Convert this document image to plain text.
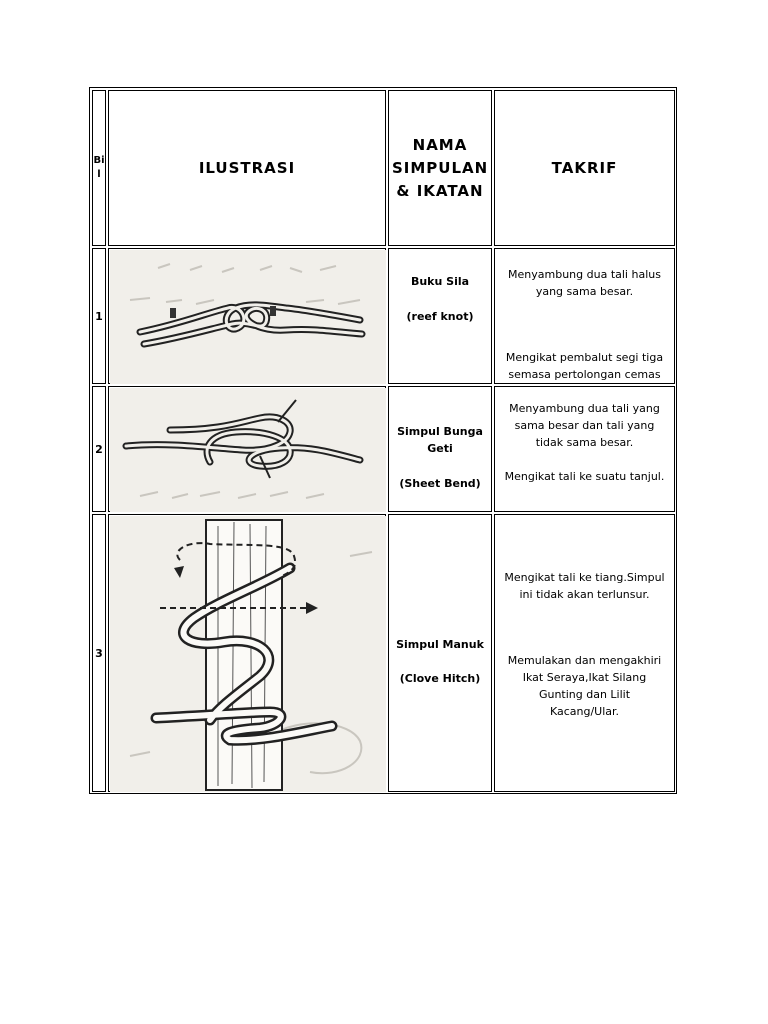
Bi l	ILUSTRASI
NAMA SIMPULAN & IKATAN
TAKRIF
1
Buku Sila
(reef knot)
Menyambung dua tali halus yang sama besar.
Mengikat pembalut segi tiga semasa pertolongan cemas
2
Simpul Bunga Geti
(Sheet Bend)
Menyambung dua tali yang sama besar dan tali yang tidak sama besar.
Mengikat tali ke suatu tanjul.
3
Simpul Manuk
(Clove Hitch)
Mengikat tali ke tiang.Simpul ini tidak akan terlunsur.
Memulakan dan mengakhiri Ikat Seraya,Ikat Silang Gunting dan Lilit Kacang/Ular.
